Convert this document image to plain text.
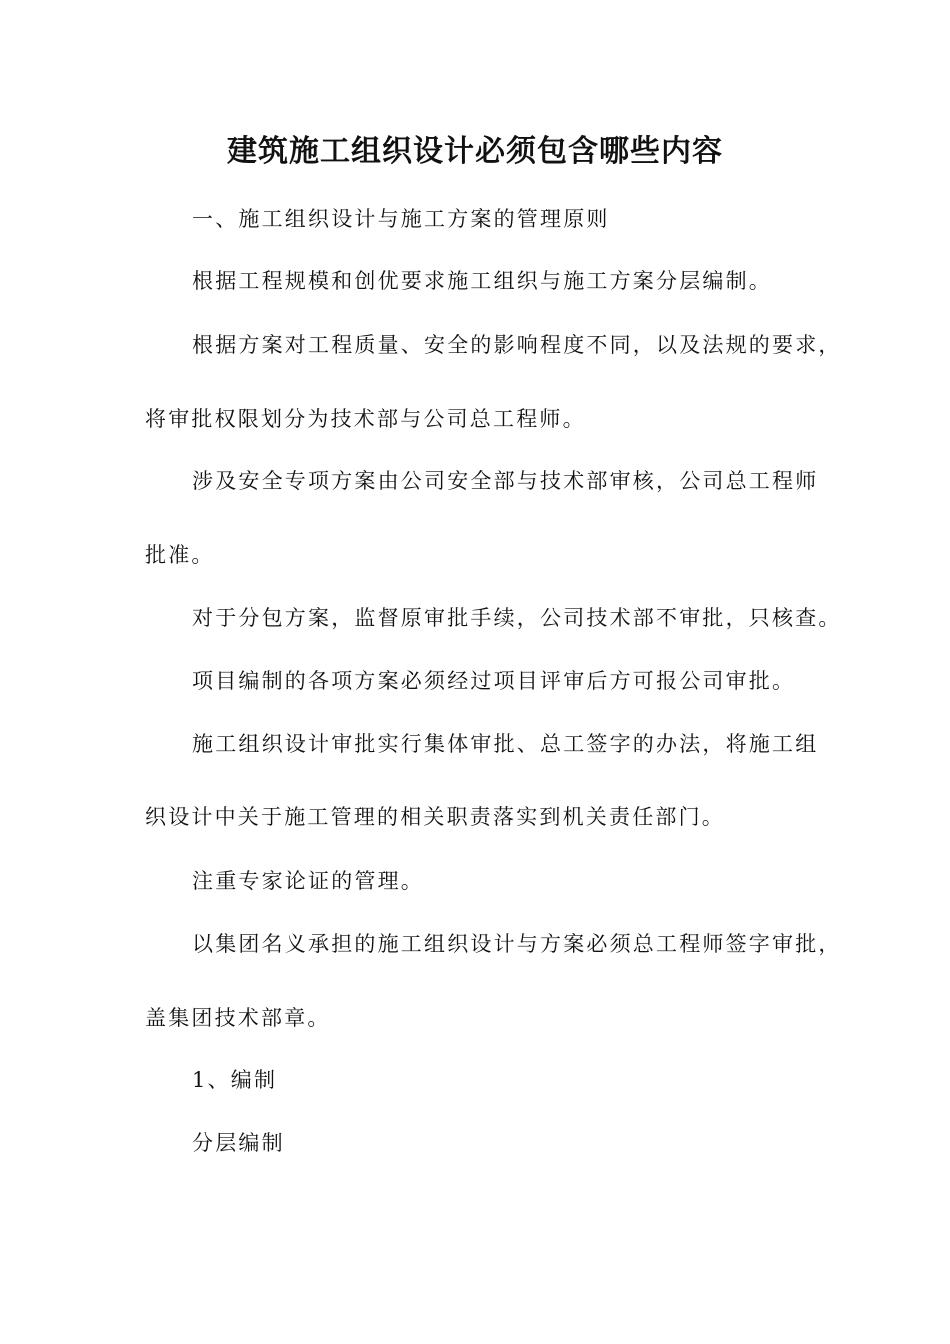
建筑施工组织设计必须包含哪些内容
一、施工组织设计与施工方案的管理原则
根据工程规模和创优要求施工组织与施工方案分层编制。
根据方案对工程质量、安全的影响程度不同，以及法规的要求，
将审批权限划分为技术部与公司总工程师。
涉及安全专项方案由公司安全部与技术部审核，公司总工程师
批准。
对于分包方案，监督原审批手续，公司技术部不审批，只核查。
项目编制的各项方案必须经过项目评审后方可报公司审批。
施工组织设计审批实行集体审批、总工签字的办法，将施工组
织设计中关于施工管理的相关职责落实到机关责任部门。
注重专家论证的管理。
以集团名义承担的施工组织设计与方案必须总工程师签字审批，
盖集团技术部章。
1、编制
分层编制
